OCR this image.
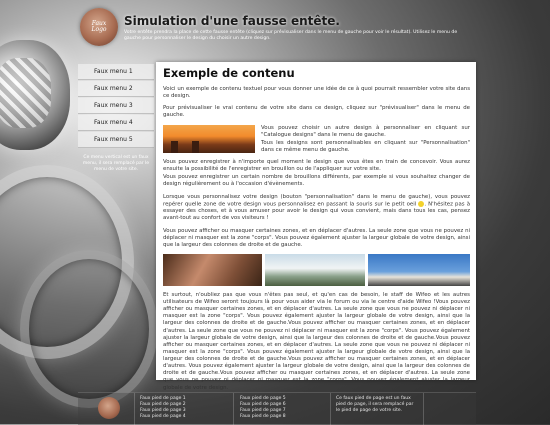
Faux
Logo
Simulation d'une fausse entête.
Votre entête prendra la place de cette fausse entête (cliquez sur prévisualiser dans le menu de gauche pour voir le résultat). Utilisez le menu de gauche pour personnaliser le design du choisir un autre design.
Faux menu 1
Faux menu 2
Faux menu 3
Faux menu 4
Faux menu 5
Ce menu vertical est un faux menu, il sera remplacé par le menu de votre site.
Exemple de contenu

Voici un exemple de contenu textuel pour vous donner une idée de ce à quoi pourrait ressembler votre site dans ce design.

Pour prévisualiser le vrai contenu de votre site dans ce design, cliquez sur "prévisualiser" dans le menu de gauche.

Vous pouvez choisir un autre design à personnaliser en cliquant sur "Catalogue designs" dans le menu de gauche.

Tous les designs sont personnalisables en cliquant sur "Personnalisation" dans ce même menu de gauche.

Vous pouvez enregistrer à n'importe quel moment le design que vous êtes en train de concevoir. Vous aurez ensuite la possibilité de l'enregistrer en brouillon ou de l'appliquer sur votre site.

Vous pouvez enregistrer un certain nombre de brouillons différents, par exemple si vous souhaitez changer de design régulièrement ou à l'occasion d'évènements.

Lorsque vous personnalisez votre design (bouton "personnalisation" dans le menu de gauche), vous pouvez repérer quelle zone de votre design vous personnalisez en passant la souris sur le petit oeil . N'hésitez pas à essayer des choses, et à vous amuser pour avoir le design qui vous convient, mais dans tous les cas, pensez avant-tout au confort de vos visiteurs !

Vous pouvez afficher ou masquer certaines zones, et en déplacer d'autres. La seule zone que vous ne pouvez ni déplacer ni masquer est la zone "corps". Vous pouvez également ajuster la largeur globale de votre design, ainsi que la largeur des colonnes de droite et de gauche.

Et surtout, n'oubliez pas que vous n'êtes pas seul, et qu'en cas de besoin, le staff de Wifeo et les autres utilisateurs de Wifeo seront toujours là pour vous aider via le forum ou via le centre d'aide Wifeo !Vous pouvez afficher ou masquer certaines zones, et en déplacer d'autres. La seule zone que vous ne pouvez ni déplacer ni masquer est la zone "corps". Vous pouvez également ajuster la largeur globale de votre design, ainsi que la largeur des colonnes de droite et de gauche.Vous pouvez afficher ou masquer certaines zones, et en déplacer d'autres. La seule zone que vous ne pouvez ni déplacer ni masquer est la zone "corps". Vous pouvez également ajuster la largeur globale de votre design, ainsi que la largeur des colonnes de droite et de gauche.Vous pouvez afficher ou masquer certaines zones, et en déplacer d'autres. La seule zone que vous ne pouvez ni déplacer ni masquer est la zone "corps". Vous pouvez également ajuster la largeur globale de votre design, ainsi que la largeur des colonnes de droite et de gauche.Vous pouvez afficher ou masquer certaines zones, et en déplacer d'autres. Vous pouvez également ajuster la largeur globale de votre design, ainsi que la largeur des colonnes de droite et de gauche.Vous pouvez afficher ou masquer certaines zones, et en déplacer d'autres. La seule zone que vous ne pouvez ni déplacer ni masquer est la zone "corps". Vous pouvez également ajuster la largeur globale de votre design.

Faux pied de page 1
Faux pied de page 2
Faux pied de page 3
Faux pied de page 4
Faux pied de page 5
Faux pied de page 6
Faux pied de page 7
Faux pied de page 8
Ce faux pied de page est un faux pied de page, il sera remplacé par le pied de page de votre site.
